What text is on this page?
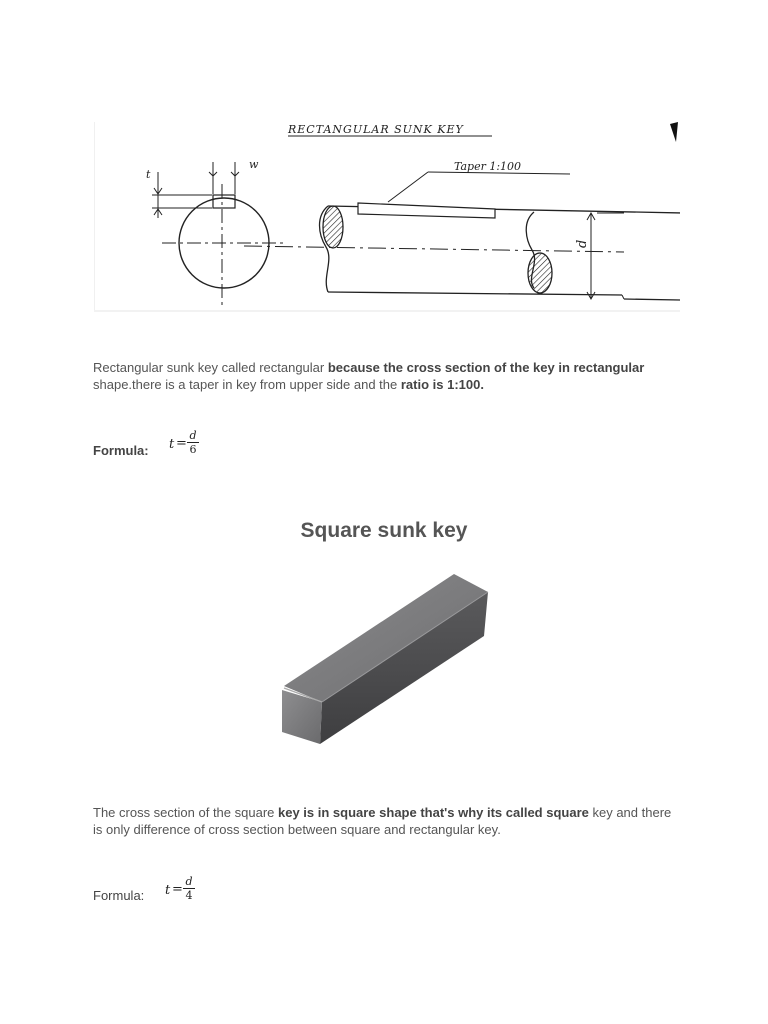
RECTANGULAR SUNK KEY
w
t
Taper 1:100
d
Rectangular sunk key called rectangular because the cross section of the key in rectangular shape.there is a taper in key from upper side and the ratio is 1:100.
Formula: t =
d
6
Square sunk key
The cross section of the square key is in square shape that's why its called square key and there is only difference of cross section between square and rectangular key.
Formula: t =
d
4
